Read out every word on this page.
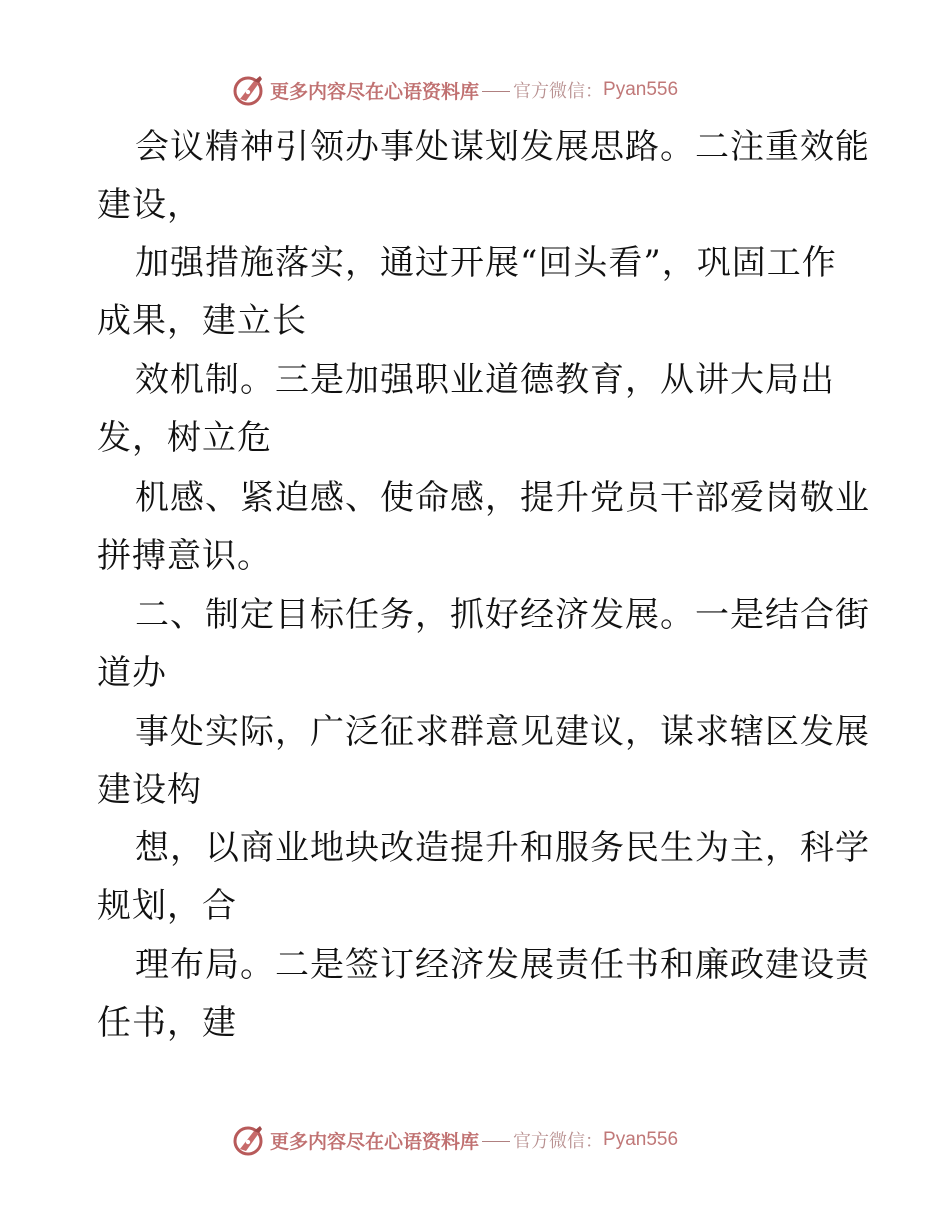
更多内容尽在心语资料库 官方微信： Pyan556
会议精神引领办事处谋划发展思路。二注重效能
建设，
加强措施落实，通过开展“回头看”，巩固工作
成果，建立长
效机制。三是加强职业道德教育，从讲大局出
发，树立危
机感、紧迫感、使命感，提升党员干部爱岗敬业
拼搏意识。
二、制定目标任务，抓好经济发展。一是结合街
道办
事处实际，广泛征求群意见建议，谋求辖区发展
建设构
想，以商业地块改造提升和服务民生为主，科学
规划，合
理布局。二是签订经济发展责任书和廉政建设责
任书，建
更多内容尽在心语资料库 官方微信： Pyan556
